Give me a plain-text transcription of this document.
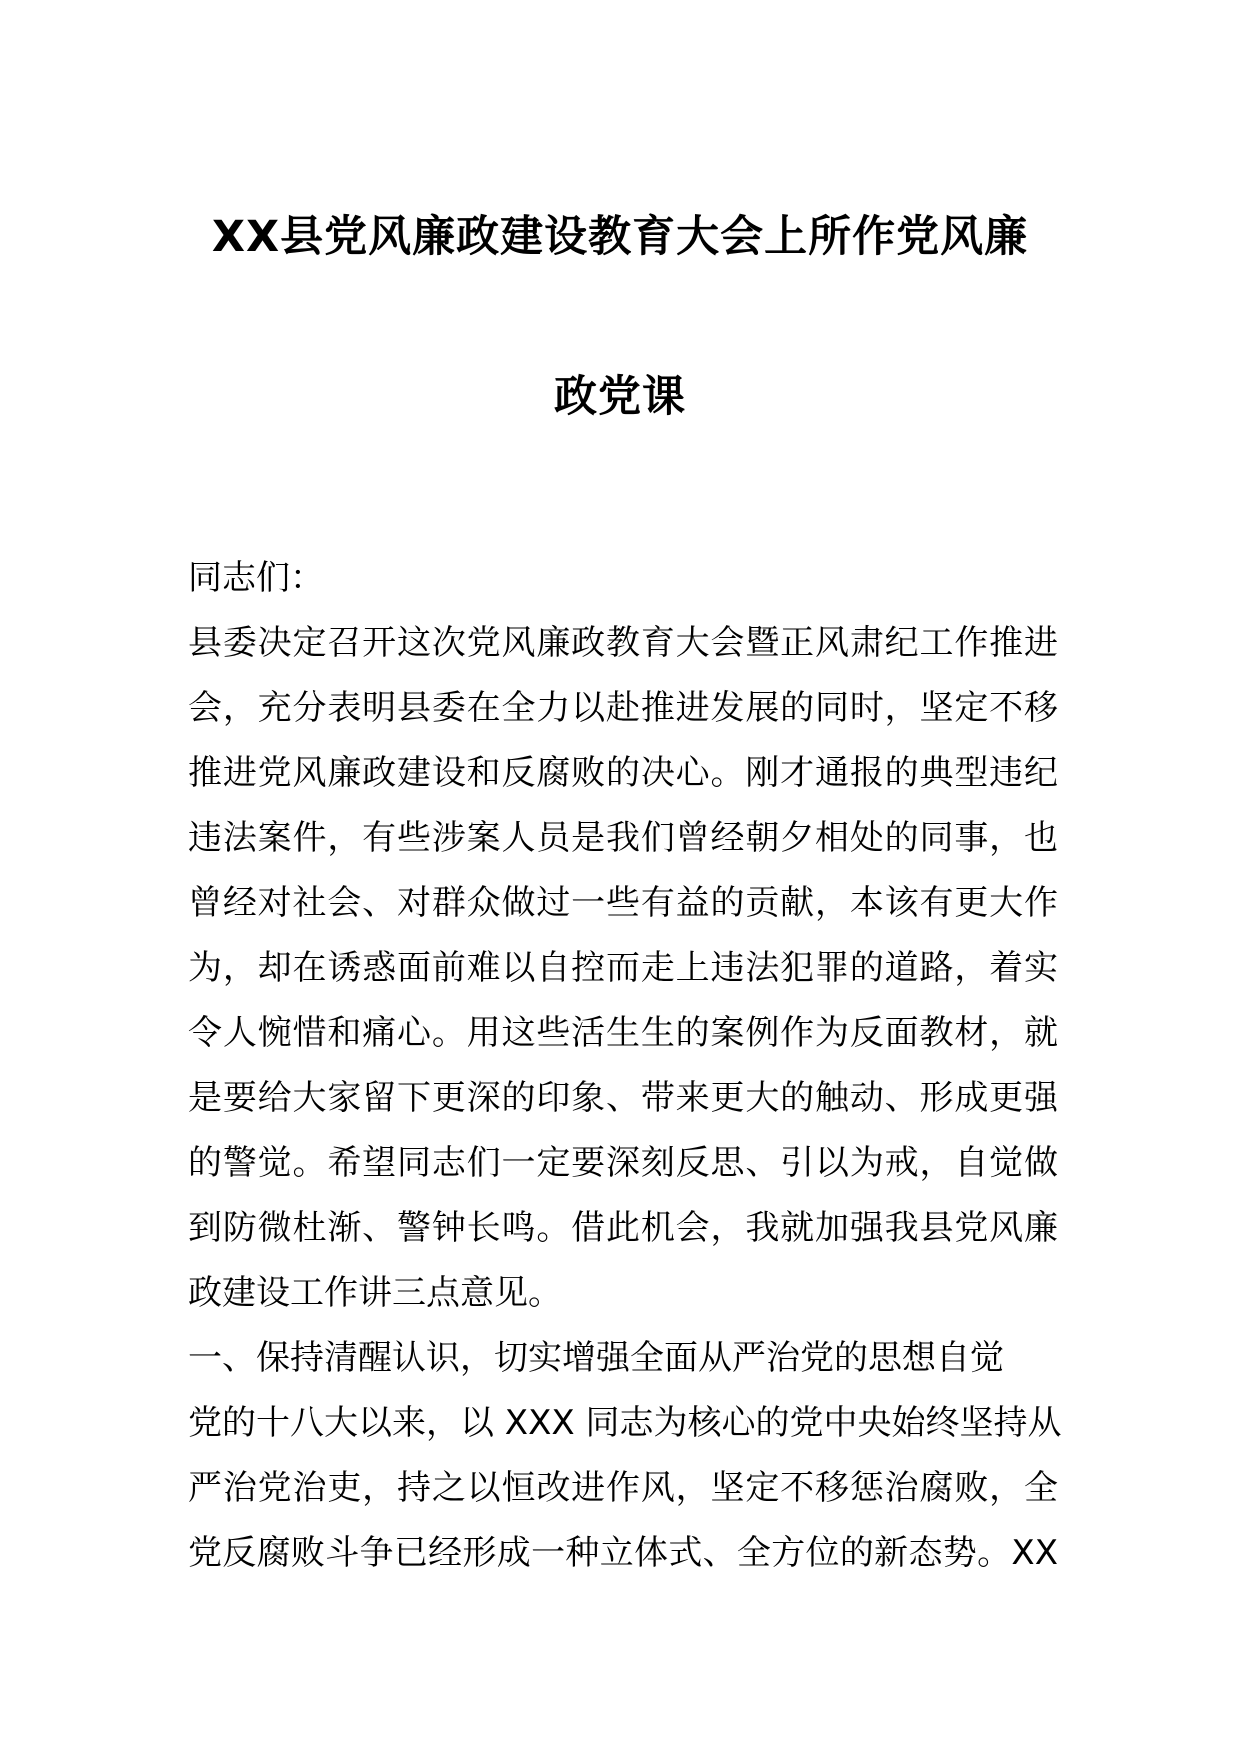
XX县党风廉政建设教育大会上所作党风廉
政党课
同志们：
县委决定召开这次党风廉政教育大会暨正风肃纪工作推进
会，充分表明县委在全力以赴推进发展的同时，坚定不移
推进党风廉政建设和反腐败的决心。刚才通报的典型违纪
违法案件，有些涉案人员是我们曾经朝夕相处的同事，也
曾经对社会、对群众做过一些有益的贡献，本该有更大作
为，却在诱惑面前难以自控而走上违法犯罪的道路，着实
令人惋惜和痛心。用这些活生生的案例作为反面教材，就
是要给大家留下更深的印象、带来更大的触动、形成更强
的警觉。希望同志们一定要深刻反思、引以为戒，自觉做
到防微杜渐、警钟长鸣。借此机会，我就加强我县党风廉
政建设工作讲三点意见。
一、保持清醒认识，切实增强全面从严治党的思想自觉
党的十八大以来，以 XXX 同志为核心的党中央始终坚持从
严治党治吏，持之以恒改进作风，坚定不移惩治腐败，全
党反腐败斗争已经形成一种立体式、全方位的新态势。XX
